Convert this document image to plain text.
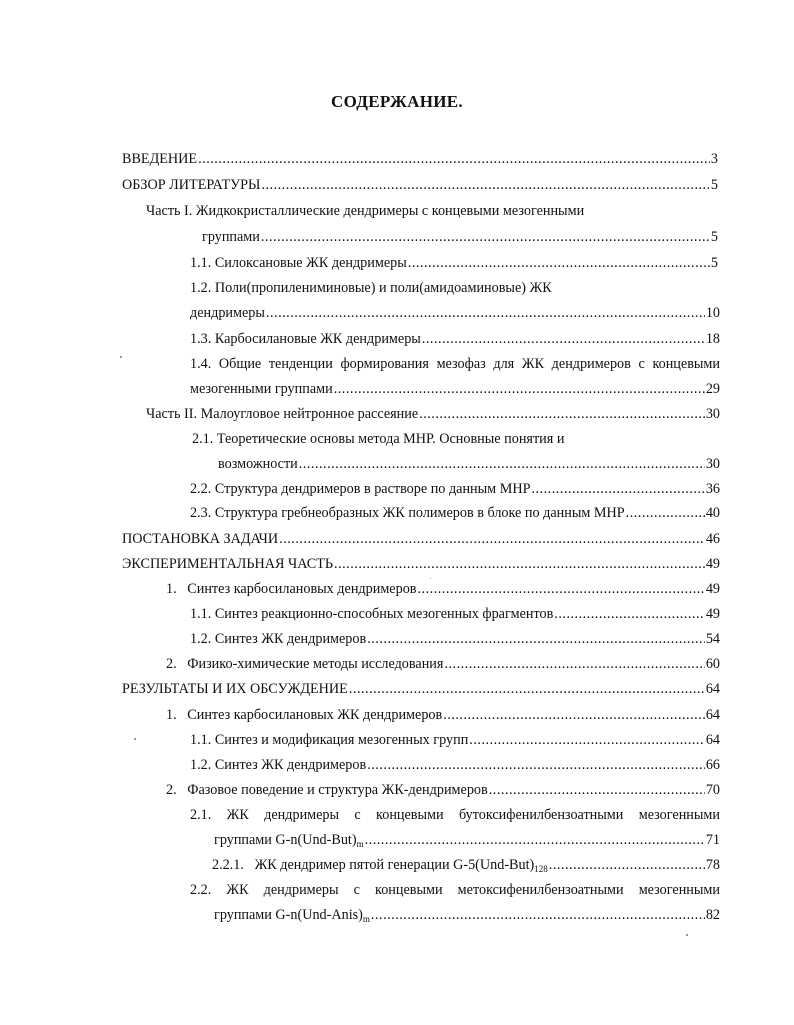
СОДЕРЖАНИЕ.
ВВЕДЕНИЕ .....	3
ОБЗОР ЛИТЕРАТУРЫ .....	5
Часть I. Жидкокристаллические дендримеры с концевыми мезогенными
группами .....	5
1.1. Силоксановые ЖК дендримеры .....	5
1.2. Поли(пропилениминовые) и поли(амидоаминовые) ЖК
дендримеры .....	10
1.3. Карбосилановые ЖК дендримеры .....	18
1.4. Общие тенденции формирования мезофаз для ЖК дендримеров с концевыми
мезогенными группами .....	29
Часть II. Малоугловое нейтронное рассеяние .....	30
2.1. Теоретические основы метода МНР. Основные понятия и
возможности .....	30
2.2. Структура дендримеров в растворе по данным МНР .....	36
2.3. Структура гребнеобразных ЖК полимеров в блоке по данным МНР .....	40
ПОСТАНОВКА ЗАДАЧИ .....	46
ЭКСПЕРИМЕНТАЛЬНАЯ ЧАСТЬ .....	49
1.   Синтез карбосилановых дендримеров .....	49
1.1. Синтез реакционно-способных мезогенных фрагментов .....	49
1.2. Синтез ЖК дендримеров .....	54
2.   Физико-химические методы исследования .....	60
РЕЗУЛЬТАТЫ И ИХ ОБСУЖДЕНИЕ .....	64
1.   Синтез карбосилановых ЖК дендримеров .....	64
1.1. Синтез и модификация мезогенных групп .....	64
1.2. Синтез ЖК дендримеров .....	66
2.   Фазовое поведение и структура ЖК-дендримеров .....	70
2.1. ЖК дендримеры с концевыми бутоксифенилбензоатными мезогенными
группами $G-n(Und-But)_m$ .....	71
2.2.1.   ЖК дендример пятой генерации $G-5(Und-But)_{128}$ .....	78
2.2. ЖК дендримеры с концевыми метоксифенилбензоатными мезогенными
группами $G-n(Und-Anis)_m$ .....	82
